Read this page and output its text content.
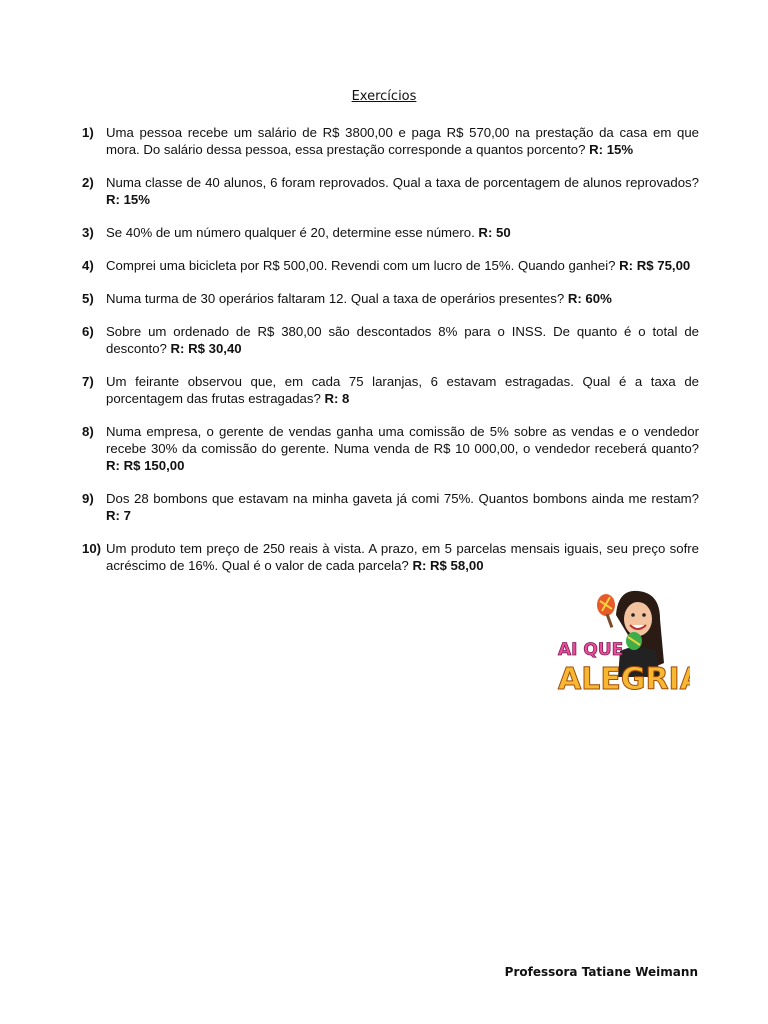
Exercícios
1) Uma pessoa recebe um salário de R$ 3800,00 e paga R$ 570,00 na prestação da casa em que mora. Do salário dessa pessoa, essa prestação corresponde a quantos porcento? R: 15%
2) Numa classe de 40 alunos, 6 foram reprovados. Qual a taxa de porcentagem de alunos reprovados? R: 15%
3) Se 40% de um número qualquer é 20, determine esse número. R: 50
4) Comprei uma bicicleta por R$ 500,00. Revendi com um lucro de 15%. Quando ganhei? R: R$ 75,00
5) Numa turma de 30 operários faltaram 12. Qual a taxa de operários presentes? R: 60%
6) Sobre um ordenado de R$ 380,00 são descontados 8% para o INSS. De quanto é o total de desconto? R: R$ 30,40
7) Um feirante observou que, em cada 75 laranjas, 6 estavam estragadas. Qual é a taxa de porcentagem das frutas estragadas? R: 8
8) Numa empresa, o gerente de vendas ganha uma comissão de 5% sobre as vendas e o vendedor recebe 30% da comissão do gerente. Numa venda de R$ 10 000,00, o vendedor receberá quanto? R: R$ 150,00
9) Dos 28 bombons que estavam na minha gaveta já comi 75%. Quantos bombons ainda me restam? R: 7
10) Um produto tem preço de 250 reais à vista. A prazo, em 5 parcelas mensais iguais, seu preço sofre acréscimo de 16%. Qual é o valor de cada parcela? R: R$ 58,00
AI QUE
ALEGRIA
Professora Tatiane Weimann
